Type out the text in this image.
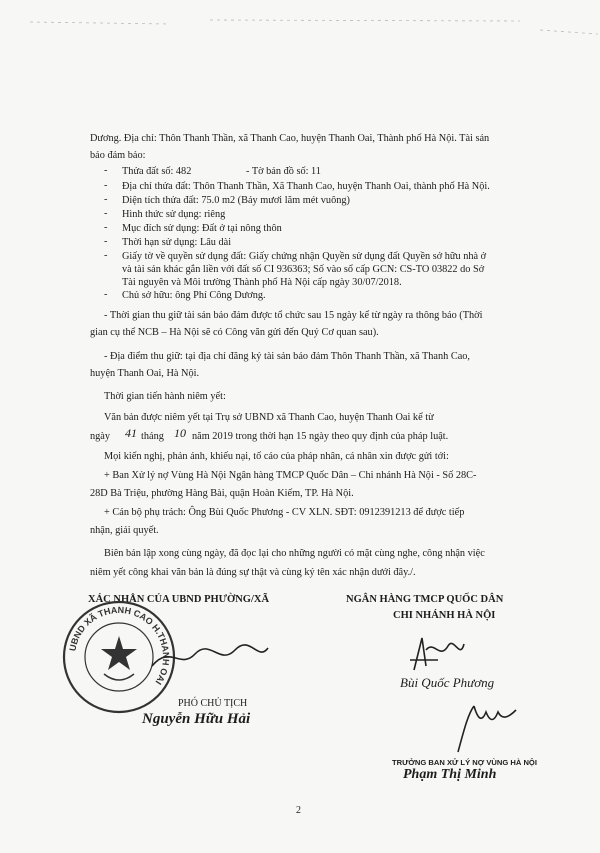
Dương. Địa chỉ: Thôn Thanh Thần, xã Thanh Cao, huyện Thanh Oai, Thành phố Hà Nội. Tài sản
bảo đảm bảo:
- Thửa đất số: 482	- Tờ bản đồ số: 11
- Địa chỉ thửa đất: Thôn Thanh Thần, Xã Thanh Cao, huyện Thanh Oai, thành phố Hà Nội.
- Diện tích thửa đất: 75.0 m2 (Bảy mươi lăm mét vuông)
- Hình thức sử dụng: riêng
- Mục đích sử dụng: Đất ở tại nông thôn
- Thời hạn sử dụng: Lâu dài
- Giấy tờ về quyền sử dụng đất: Giấy chứng nhận Quyền sử dụng đất Quyền sở hữu nhà ở
và tài sản khác gắn liền với đất số CI 936363; Số vào sổ cấp GCN: CS-TO 03822 do Sở
Tài nguyên và Môi trường Thành phố Hà Nội cấp ngày 30/07/2018.
- Chủ sở hữu: ông Phí Công Dương.
- Thời gian thu giữ tài sản bảo đảm được tổ chức sau 15 ngày kể từ ngày ra thông báo (Thời
gian cụ thể NCB – Hà Nội sẽ có Công văn gửi đến Quý Cơ quan sau).
- Địa điểm thu giữ: tại địa chỉ đăng ký tài sản bảo đảm Thôn Thanh Thần, xã Thanh Cao,
huyện Thanh Oai, Hà Nội.
Thời gian tiến hành niêm yết:
Văn bản được niêm yết tại Trụ sở UBND xã Thanh Cao, huyện Thanh Oai kể từ
ngày 41 tháng 10 năm 2019 trong thời hạn 15 ngày theo quy định của pháp luật.
Mọi kiến nghị, phản ánh, khiếu nại, tố cáo của pháp nhân, cá nhân xin được gửi tới:
+ Ban Xử lý nợ Vùng Hà Nội Ngân hàng TMCP Quốc Dân – Chi nhánh Hà Nội - Số 28C-
28D Bà Triệu, phường Hàng Bài, quận Hoàn Kiếm, TP. Hà Nội.
+ Cán bộ phụ trách: Ông Bùi Quốc Phương - CV XLN. SĐT: 0912391213 để được tiếp
nhận, giải quyết.
Biên bản lập xong cùng ngày, đã đọc lại cho những người có mặt cùng nghe, công nhận việc
niêm yết công khai văn bản là đúng sự thật và cùng ký tên xác nhận dưới đây./.
XÁC NHẬN CỦA UBND PHƯỜNG/XÃ	NGÂN HÀNG TMCP QUỐC DÂN
CHI NHÁNH HÀ NỘI
UBND XÃ THANH CAO H.THANH OAI
PHÓ CHỦ TỊCH
Nguyễn Hữu Hải
Bùi Quốc Phương
TRƯỞNG BAN XỬ LÝ NỢ VÙNG HÀ NỘI
Phạm Thị Minh
2
